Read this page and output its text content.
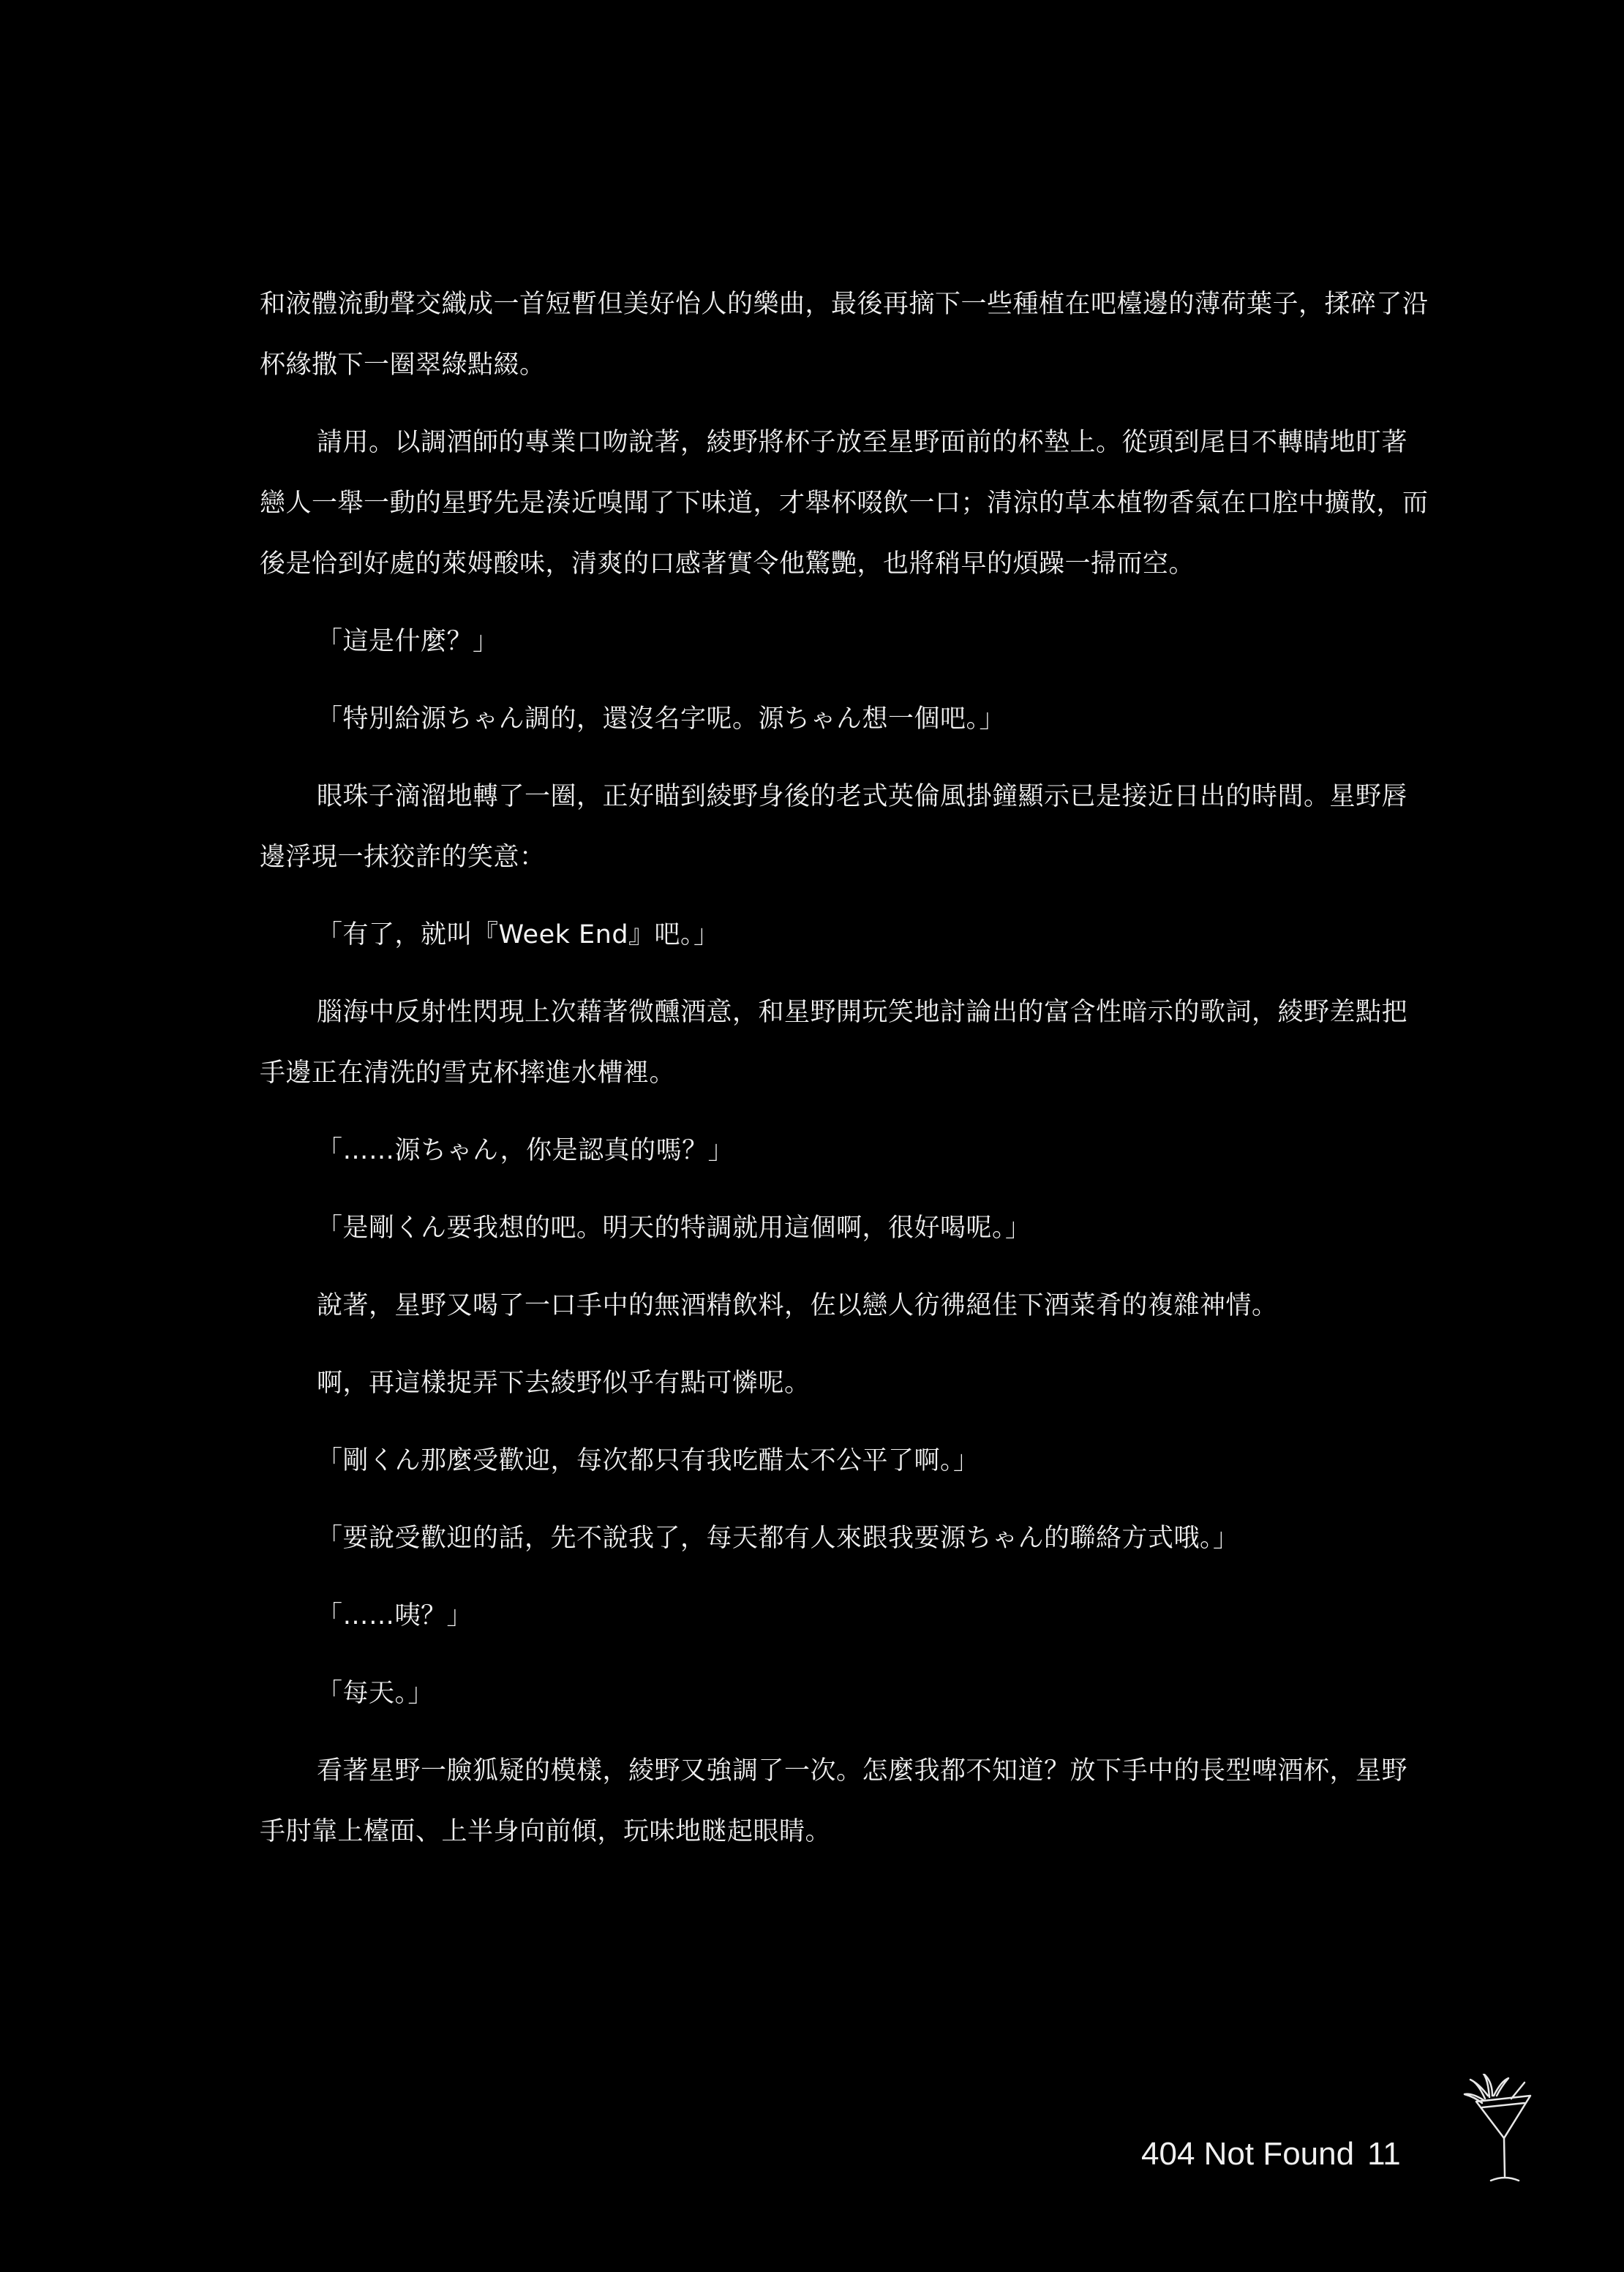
和液體流動聲交織成一首短暫但美好怡人的樂曲，最後再摘下一些種植在吧檯邊的薄荷葉子，揉碎了沿杯緣撒下一圈翠綠點綴。

請用。以調酒師的專業口吻說著，綾野將杯子放至星野面前的杯墊上。從頭到尾目不轉睛地盯著戀人一舉一動的星野先是湊近嗅聞了下味道，才舉杯啜飲一口；清涼的草本植物香氣在口腔中擴散，而後是恰到好處的萊姆酸味，清爽的口感著實令他驚艷，也將稍早的煩躁一掃而空。

「這是什麼？」

「特別給源ちゃん調的，還沒名字呢。源ちゃん想一個吧。」

眼珠子滴溜地轉了一圈，正好瞄到綾野身後的老式英倫風掛鐘顯示已是接近日出的時間。星野唇邊浮現一抹狡詐的笑意：

「有了，就叫『Week End』吧。」

腦海中反射性閃現上次藉著微醺酒意，和星野開玩笑地討論出的富含性暗示的歌詞，綾野差點把手邊正在清洗的雪克杯摔進水槽裡。

「……源ちゃん，你是認真的嗎？」

「是剛くん要我想的吧。明天的特調就用這個啊，很好喝呢。」

說著，星野又喝了一口手中的無酒精飲料，佐以戀人彷彿絕佳下酒菜肴的複雜神情。

啊，再這樣捉弄下去綾野似乎有點可憐呢。

「剛くん那麼受歡迎，每次都只有我吃醋太不公平了啊。」

「要說受歡迎的話，先不說我了，每天都有人來跟我要源ちゃん的聯絡方式哦。」

「……咦？」

「每天。」

看著星野一臉狐疑的模樣，綾野又強調了一次。怎麼我都不知道？放下手中的長型啤酒杯，星野手肘靠上檯面、上半身向前傾，玩味地瞇起眼睛。

404 Not Found 11
